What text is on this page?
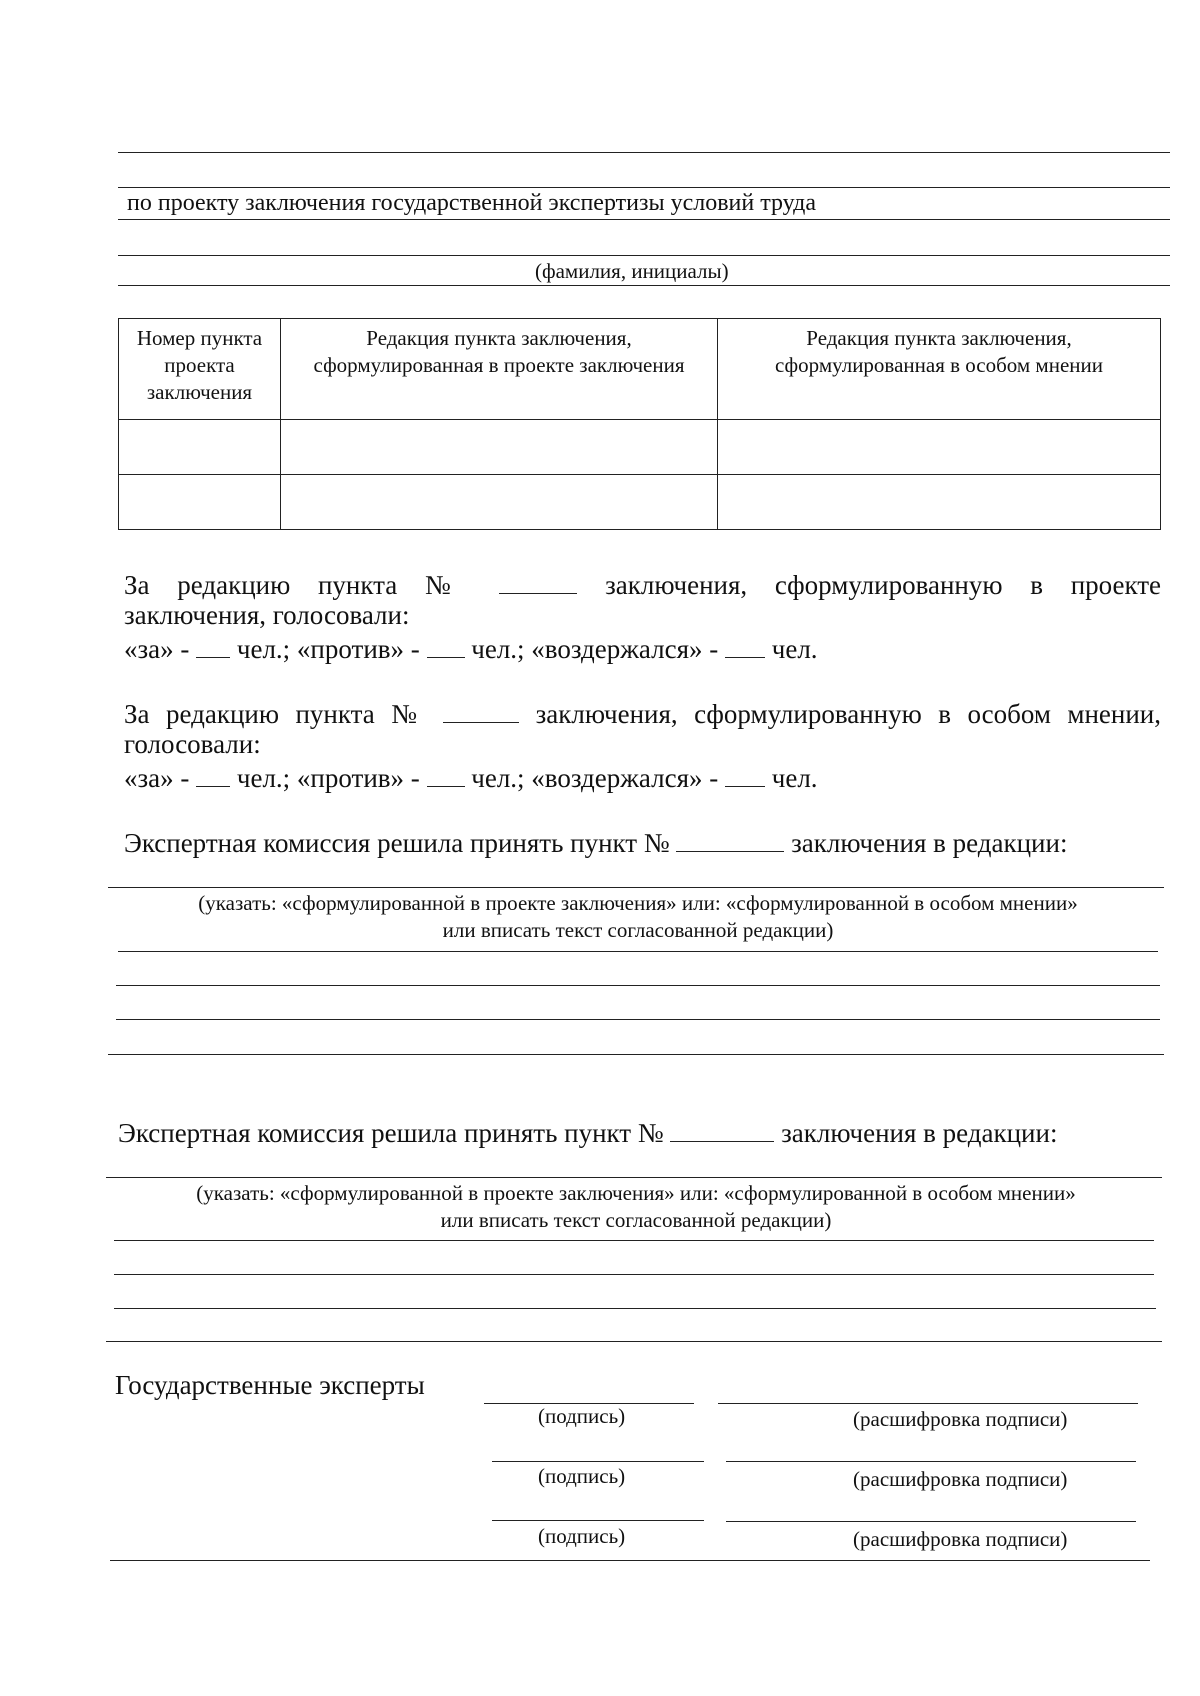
по проекту заключения государственной экспертизы условий труда
(фамилия, инициалы)
Номер пункта проекта заключения	Редакция пункта заключения, сформулированная в проекте заключения	Редакция пункта заключения, сформулированная в особом мнении

За редакцию пункта №	заключения, сформулированную в проекте
заключения, голосовали:
«за» - чел.; «против» - чел.; «воздержался» - чел.
За редакцию пункта №	заключения, сформулированную в особом мнении,
голосовали:
«за» - чел.; «против» - чел.; «воздержался» - чел.
Экспертная комиссия решила принять пункт №	заключения в редакции:
(указать: «сформулированной в проекте заключения» или: «сформулированной в особом мнении»
или вписать текст согласованной редакции)
Экспертная комиссия решила принять пункт №	заключения в редакции:
(указать: «сформулированной в проекте заключения» или: «сформулированной в особом мнении»
или вписать текст согласованной редакции)
Государственные эксперты
(подпись)	(расшифровка подписи)
(подпись)	(расшифровка подписи)
(подпись)	(расшифровка подписи)
